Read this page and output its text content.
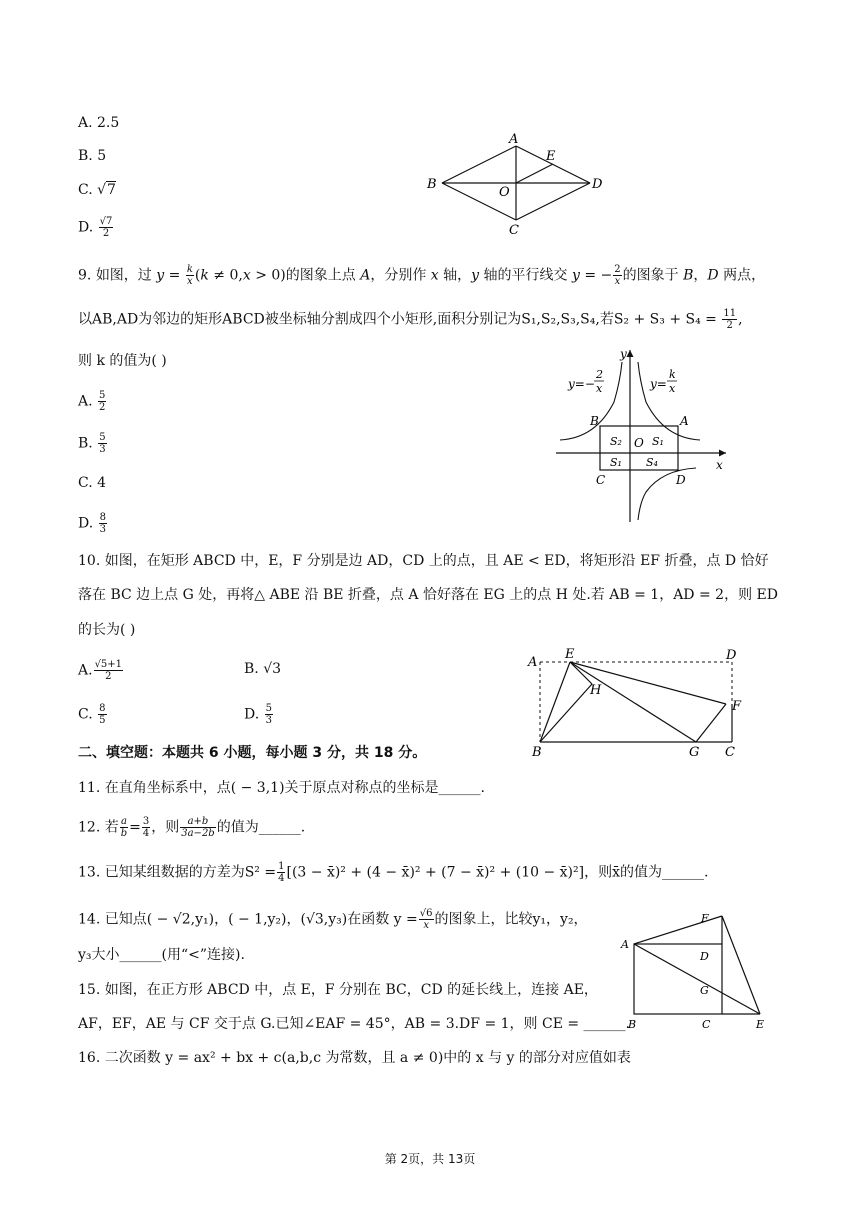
A. 2.5
B. 5
C. √7
D. $\frac{√7}{2}$
A
B
C
D
E
O
9. 如图，过 $y = \frac{k}{x} (k \ne 0,x > 0)$的图象上点 A，分别作 x 轴，y 轴的平行线交 y = − $\frac{2}{x}$ 的图象于 B，D 两点，
以AB,AD为邻边的矩形ABCD被坐标轴分割成四个小矩形,面积分别记为S₁,S₂,S₃,S₄,若$S_2 + S_3 + S_4 = \frac{11}{2}$ ,
则 k 的值为( )
A. $\frac{5}{2}$
B. $\frac{5}{3}$
C. 4
D. $\frac{8}{3}$
y=−
2
x	y=
k
x
y
x
B	A
C	D
O
S₂	S₁
S₁ S₄
10. 如图，在矩形 ABCD 中，E，F 分别是边 AD，CD 上的点，且 AE < ED，将矩形沿 EF 折叠，点 D 恰好
落在 BC 边上点 G 处，再将△ ABE 沿 BE 折叠，点 A 恰好落在 EG 上的点 H 处.若 AB = 1，AD = 2，则 ED
的长为( )
A. $\frac{√5+1}{2}$	B. √3
C. $\frac{8}{5}$	D. $\frac{5}{3}$
A
E	D
H
F
B	G C
二、填空题：本题共 6 小题，每小题 3 分，共 18 分。
11. 在直角坐标系中，点( − 3,1)关于原点对称点的坐标是______.
12. 若 $\frac{a}{b} = \frac{3}{4}$ ，则 $\frac{a+b}{3a-2b}$ 的值为______.
13. 已知某组数据的方差为$S^2 = \frac{1}{4} [(3$ − x̄)² + (4 − x̄)² + (7 − x̄)² + (10 − x̄)²]，则x̄的值为______.
14. 已知点( − √2,y₁)，( − 1,y₂)，(√3,y₃)在函数 $y = \frac{√6}{x}$ 的图象上，比较y₁，y₂，
y₃大小______(用“<”连接).
15. 如图，在正方形 ABCD 中，点 E，F 分别在 BC，CD 的延长线上，连接 AE，
AF，EF，AE 与 CF 交于点 G.已知∠EAF = 45°，AB = 3.DF = 1，则 CE = ______.
A
D
F
G
B	C	E
16. 二次函数 y = ax² + bx + c(a,b,c 为常数，且 a ≠ 0)中的 x 与 y 的部分对应值如表
第 2页，共 13页
